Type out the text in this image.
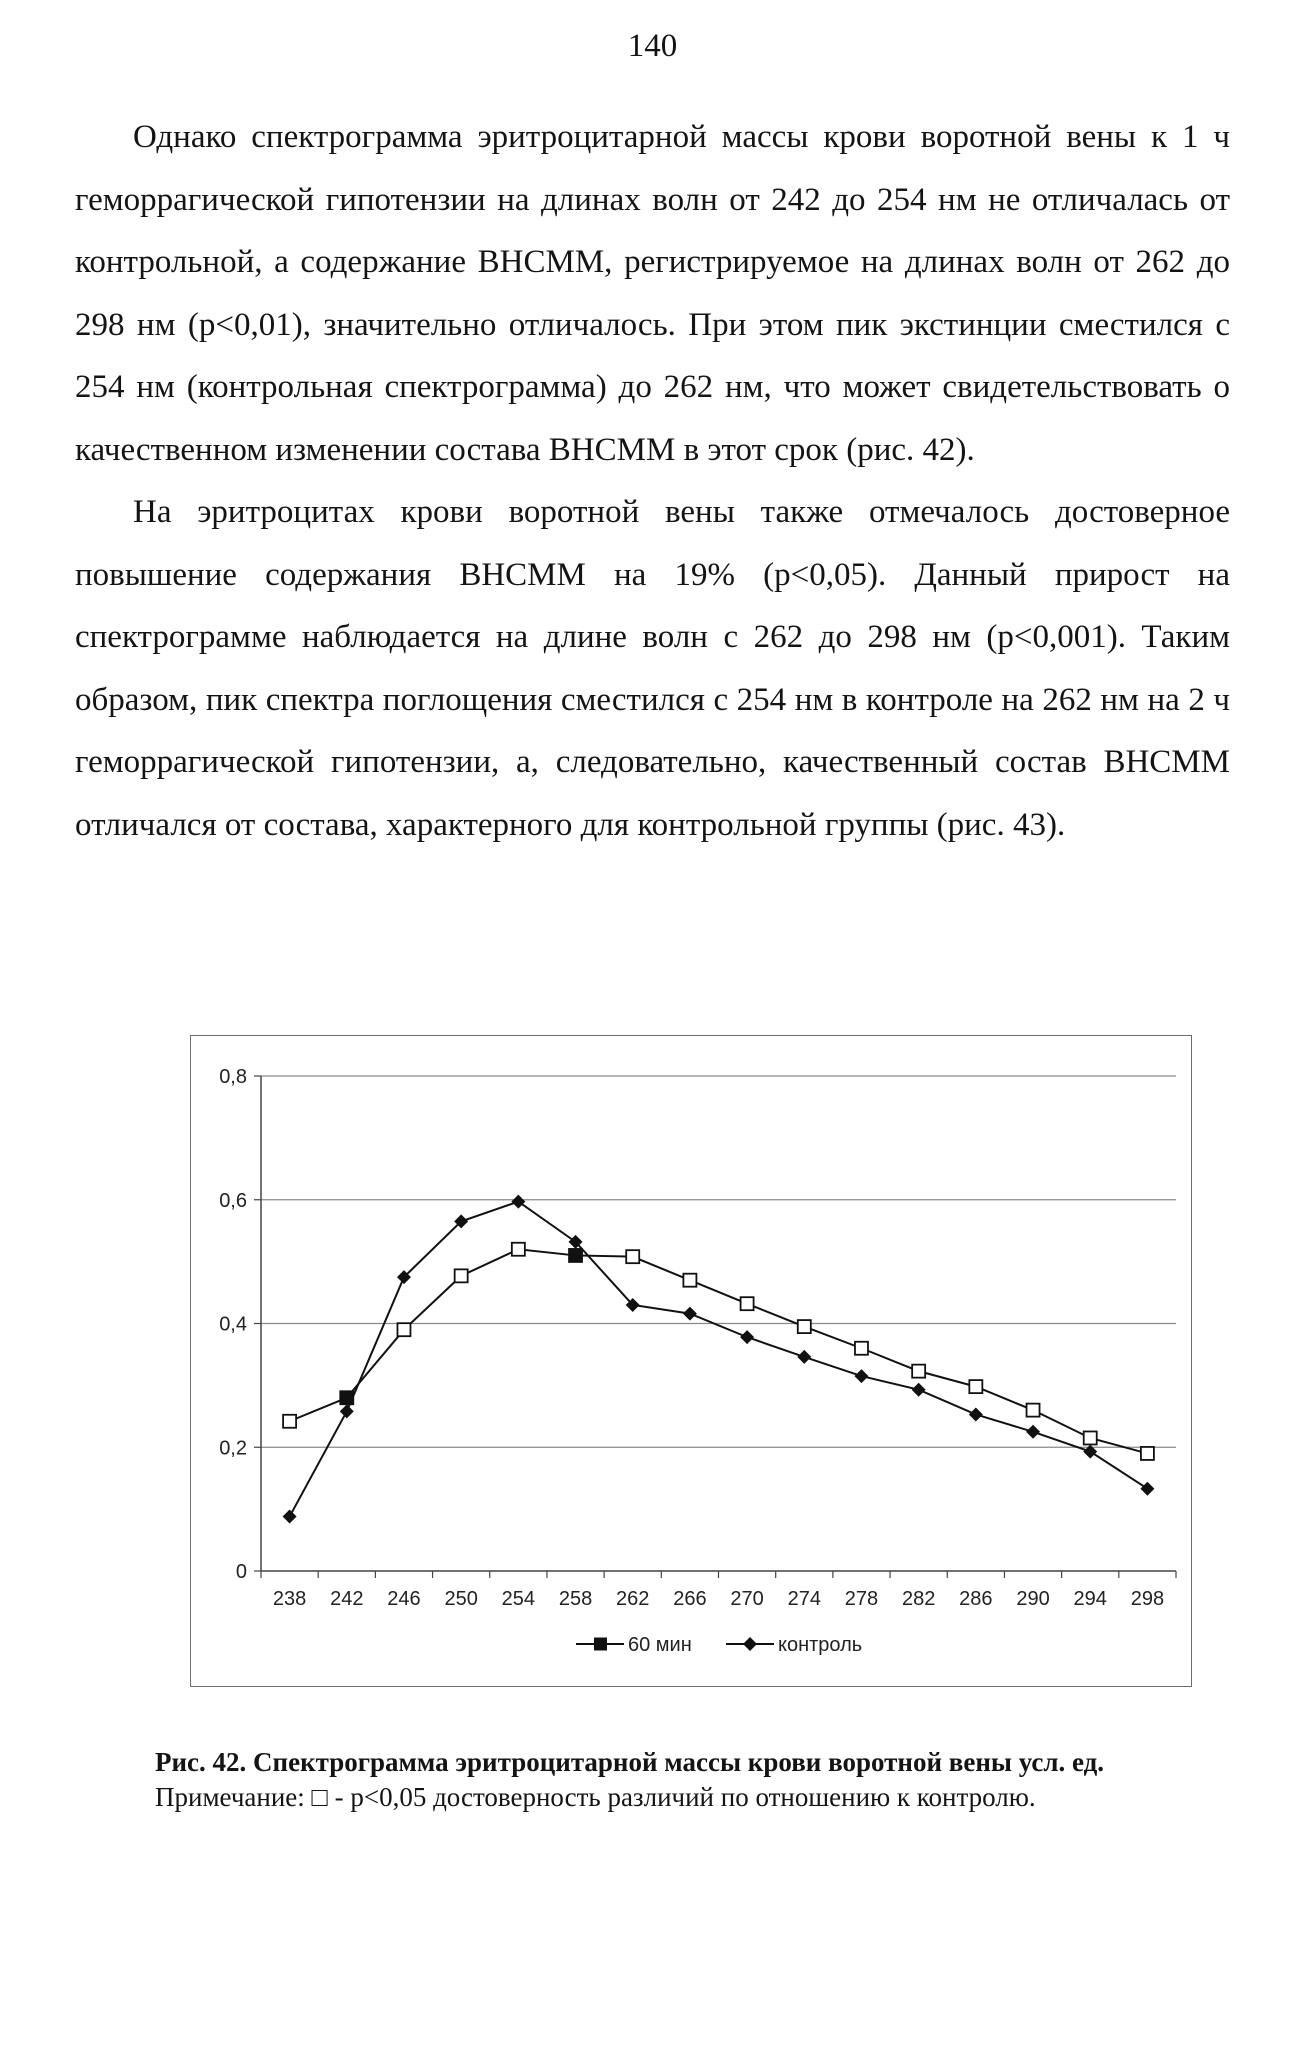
140

Однако спектрограмма эритроцитарной массы крови воротной вены к 1 ч геморрагической гипотензии на длинах волн от 242 до 254 нм не отличалась от контрольной, а содержание ВНСММ, регистрируемое на длинах волн от 262 до 298 нм (р<0,01), значительно отличалось. При этом пик экстинции сместился с 254 нм (контрольная спектрограмма) до 262 нм, что может свидетельствовать о качественном изменении состава ВНСММ в этот срок (рис. 42).

На эритроцитах крови воротной вены также отмечалось достоверное повышение содержания ВНСММ на 19% (р<0,05). Данный прирост на спектрограмме наблюдается на длине волн с 262 до 298 нм (р<0,001). Таким образом, пик спектра поглощения сместился с 254 нм в контроле на 262 нм на 2 ч геморрагической гипотензии, а, следовательно, качественный состав ВНСММ отличался от состава, характерного для контрольной группы (рис. 43).

0
0,2
0,4
0,6
0,8
238 242 246 250 254 258 262 266 270 274 278 282 286 290 294 298
60 мин	контроль
Рис. 42. Спектрограмма эритроцитарной массы крови воротной вены усл. ед.
Примечание: □ - р<0,05 достоверность различий по отношению к контролю.
